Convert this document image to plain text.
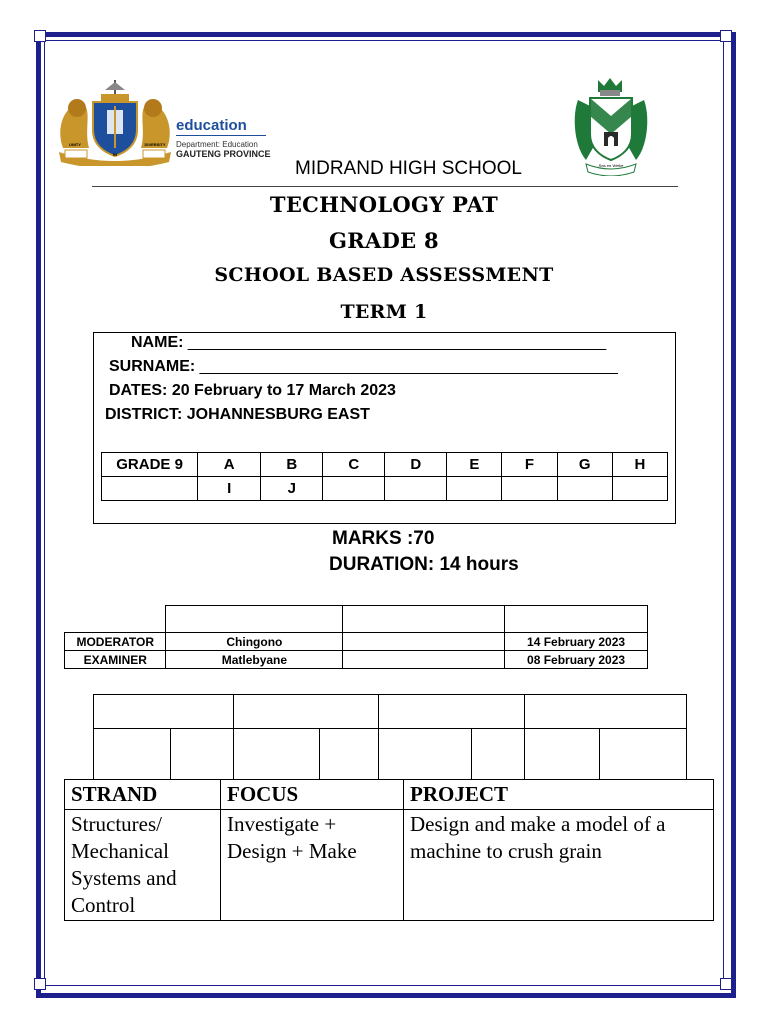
UNITY
IN
DIVERSITY
education
Department: Education
GAUTENG PROVINCE
Ras en Welke
MIDRAND HIGH SCHOOL
TECHNOLOGY PAT
GRADE 8
SCHOOL BASED ASSESSMENT
TERM 1
NAME: _______________________________________________
SURNAME: _______________________________________________
DATES: 20 February to 17 March 2023
DISTRICT: JOHANNESBURG EAST
GRADE 9	A	B	C	D	E	F	G	H
	I	J						
MARKS :70
DURATION: 14 hours

MODERATOR	Chingono		14 February 2023
EXAMINER	Matlebyane		08 February 2023

STRAND	FOCUS	PROJECT
Structures/ Mechanical Systems and Control	Investigate + Design + Make	Design and make a model of a machine to crush grain
